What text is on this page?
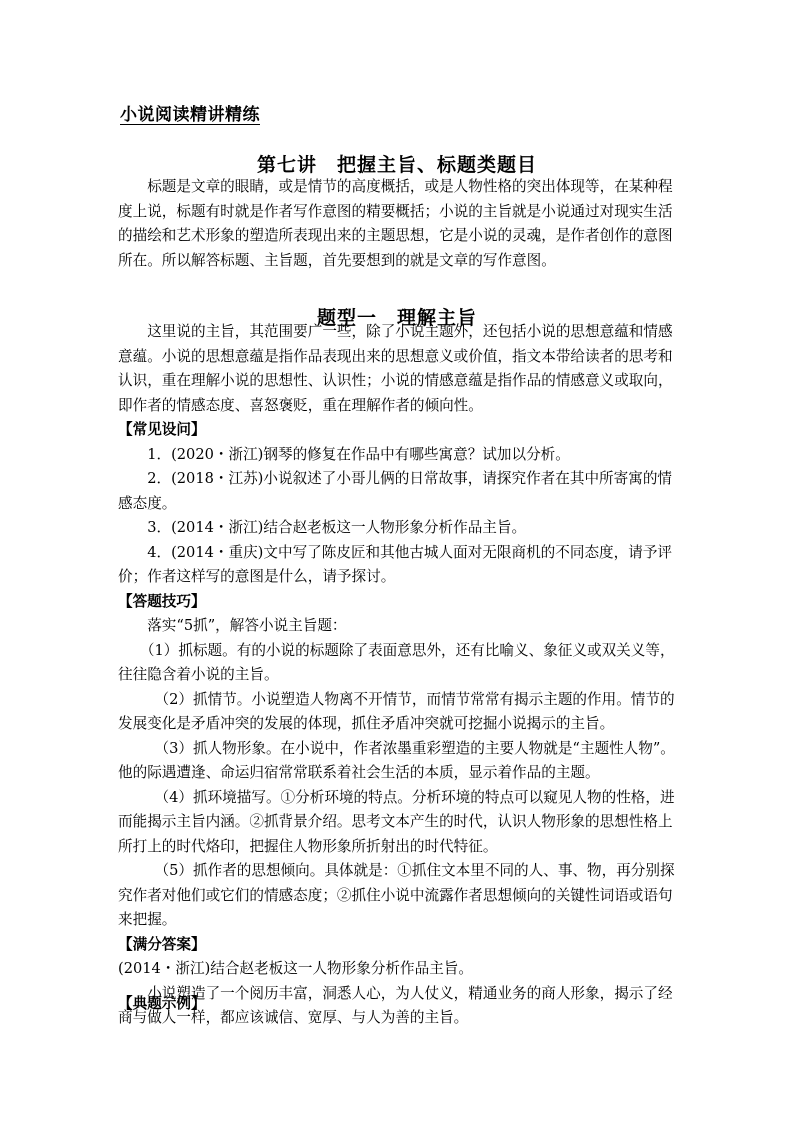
小说阅读精讲精练
第七讲　把握主旨、标题类题目

标题是文章的眼睛，或是情节的高度概括，或是人物性格的突出体现等，在某种程度上说，标题有时就是作者写作意图的精要概括；小说的主旨就是小说通过对现实生活的描绘和艺术形象的塑造所表现出来的主题思想，它是小说的灵魂，是作者创作的意图所在。所以解答标题、主旨题，首先要想到的就是文章的写作意图。

题型一　理解主旨

这里说的主旨，其范围要广一些，除了小说主题外，还包括小说的思想意蕴和情感意蕴。小说的思想意蕴是指作品表现出来的思想意义或价值，指文本带给读者的思考和认识，重在理解小说的思想性、认识性；小说的情感意蕴是指作品的情感意义或取向，即作者的情感态度、喜怒褒贬，重在理解作者的倾向性。

【常见设问】

1．(2020・浙江)钢琴的修复在作品中有哪些寓意？试加以分析。

2．(2018・江苏)小说叙述了小哥儿俩的日常故事，请探究作者在其中所寄寓的情感态度。

3．(2014・浙江)结合赵老板这一人物形象分析作品主旨。

4．(2014・重庆)文中写了陈皮匠和其他古城人面对无限商机的不同态度，请予评价；作者这样写的意图是什么，请予探讨。

【答题技巧】

落实“5抓”，解答小说主旨题：

（1）抓标题。有的小说的标题除了表面意思外，还有比喻义、象征义或双关义等，往往隐含着小说的主旨。

（2）抓情节。小说塑造人物离不开情节，而情节常常有揭示主题的作用。情节的发展变化是矛盾冲突的发展的体现，抓住矛盾冲突就可挖掘小说揭示的主旨。

（3）抓人物形象。在小说中，作者浓墨重彩塑造的主要人物就是“主题性人物”。他的际遇遭逢、命运归宿常常联系着社会生活的本质，显示着作品的主题。

（4）抓环境描写。①分析环境的特点。分析环境的特点可以窥见人物的性格，进而能揭示主旨内涵。②抓背景介绍。思考文本产生的时代，认识人物形象的思想性格上所打上的时代烙印，把握住人物形象所折射出的时代特征。

（5）抓作者的思想倾向。具体就是：①抓住文本里不同的人、事、物，再分别探究作者对他们或它们的情感态度；②抓住小说中流露作者思想倾向的关键性词语或语句来把握。

【满分答案】

(2014・浙江)结合赵老板这一人物形象分析作品主旨。

小说塑造了一个阅历丰富，洞悉人心，为人仗义，精通业务的商人形象，揭示了经商与做人一样，都应该诚信、宽厚、与人为善的主旨。

【典题示例】
